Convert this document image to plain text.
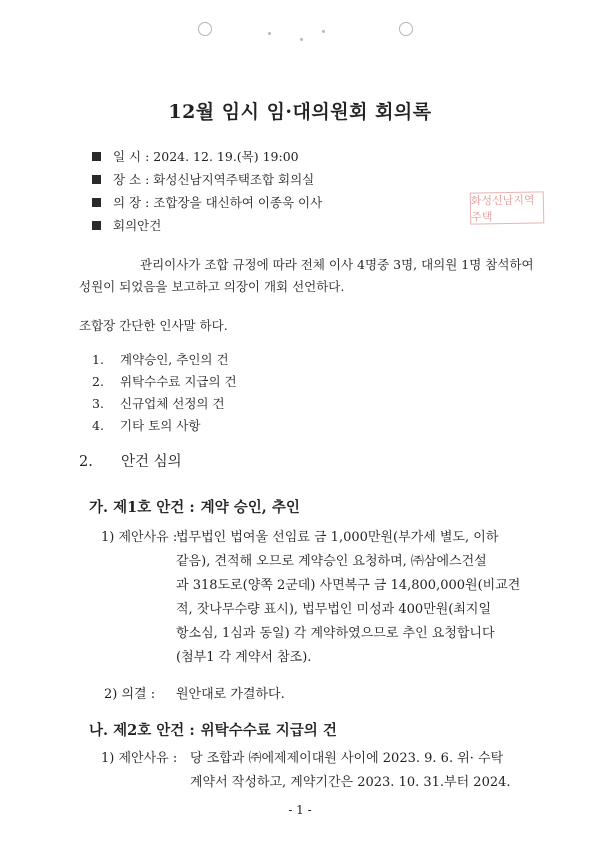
12월 임시 임·대의원회 회의록
일 시 : 2024. 12. 19.(목) 19:00
장 소 : 화성신남지역주택조합 회의실
의 장 : 조합장을 대신하여 이종욱 이사
회의안건
화성신남지역주택
관리이사가 조합 규정에 따라 전체 이사 4명중 3명, 대의원 1명 참석하여
성원이 되었음을 보고하고 의장이 개회 선언하다.
조합장 간단한 인사말 하다.
1. 계약승인, 추인의 건
2. 위탁수수료 지급의 건
3. 신규업체 선정의 건
4. 기타 토의 사항
2. 안건 심의
가. 제1호 안건 : 계약 승인, 추인
1) 제안사유 :
법무법인 법여울 선임료 금 1,000만원(부가세 별도, 이하
같음), 견적해 오므로 계약승인 요청하며, ㈜삼에스건설
과 318도로(양쪽 2군데) 사면복구 금 14,800,000원(비교견
적, 잣나무수량 표시), 법무법인 미성과 400만원(최지일
항소심, 1심과 동일) 각 계약하였으므로 추인 요청합니다
(첨부1 각 계약서 참조).
2) 의결 : 원안대로 가결하다.
나. 제2호 안건 : 위탁수수료 지급의 건
1) 제안사유 : 당 조합과 ㈜에제제이대원 사이에 2023. 9. 6. 위· 수탁
계약서 작성하고, 계약기간은 2023. 10. 31.부터 2024.
- 1 -
